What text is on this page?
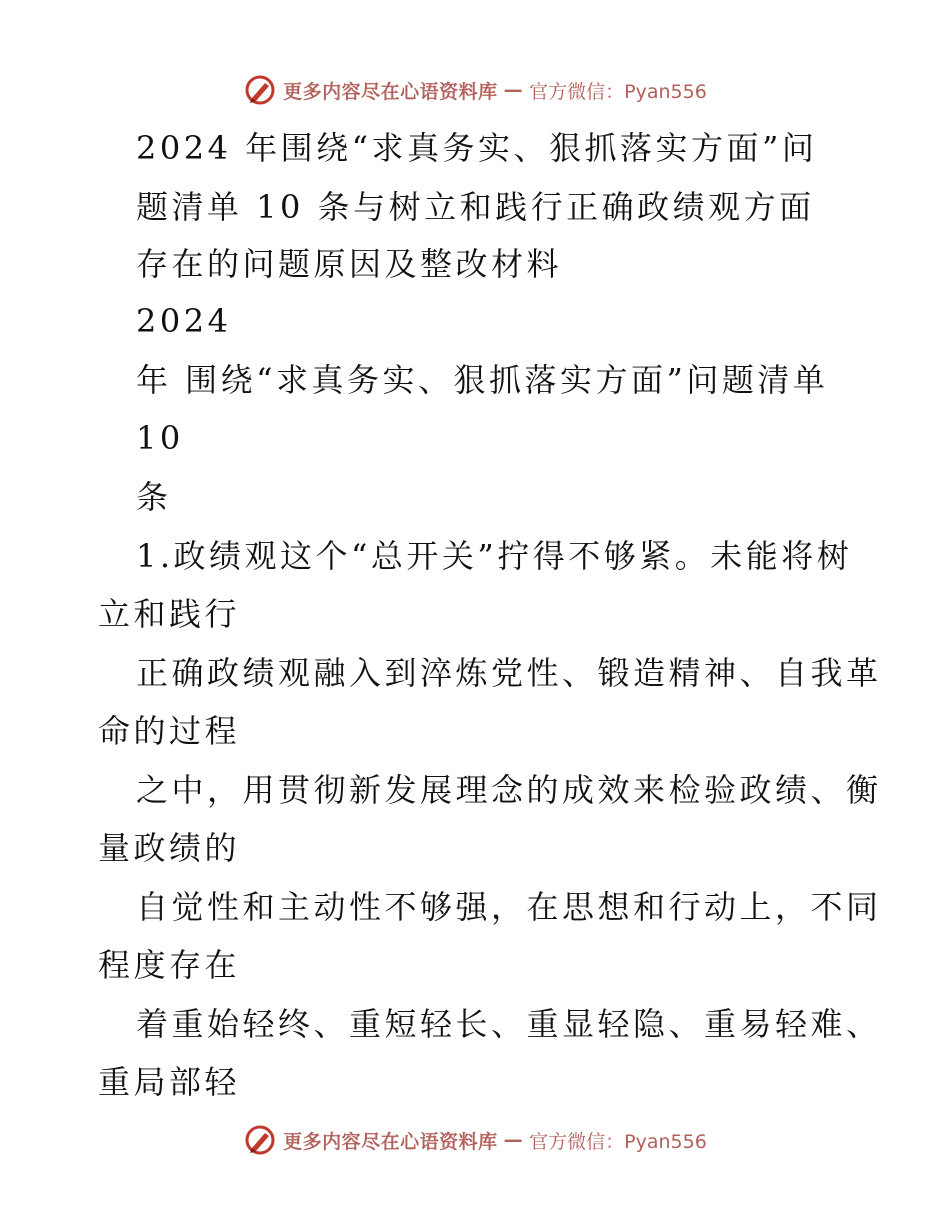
更多内容尽在心语资料库 — 官方微信：Pyan556
2024 年围绕“求真务实、狠抓落实方面”问
题清单 10 条与树立和践行正确政绩观方面
存在的问题原因及整改材料
2024
年 围绕“求真务实、狠抓落实方面”问题清单
10
条
1.政绩观这个“总开关”拧得不够紧。未能将树
立和践行
正确政绩观融入到淬炼党性、锻造精神、自我革
命的过程
之中，用贯彻新发展理念的成效来检验政绩、衡
量政绩的
自觉性和主动性不够强，在思想和行动上，不同
程度存在
着重始轻终、重短轻长、重显轻隐、重易轻难、
重局部轻
更多内容尽在心语资料库 — 官方微信：Pyan556
